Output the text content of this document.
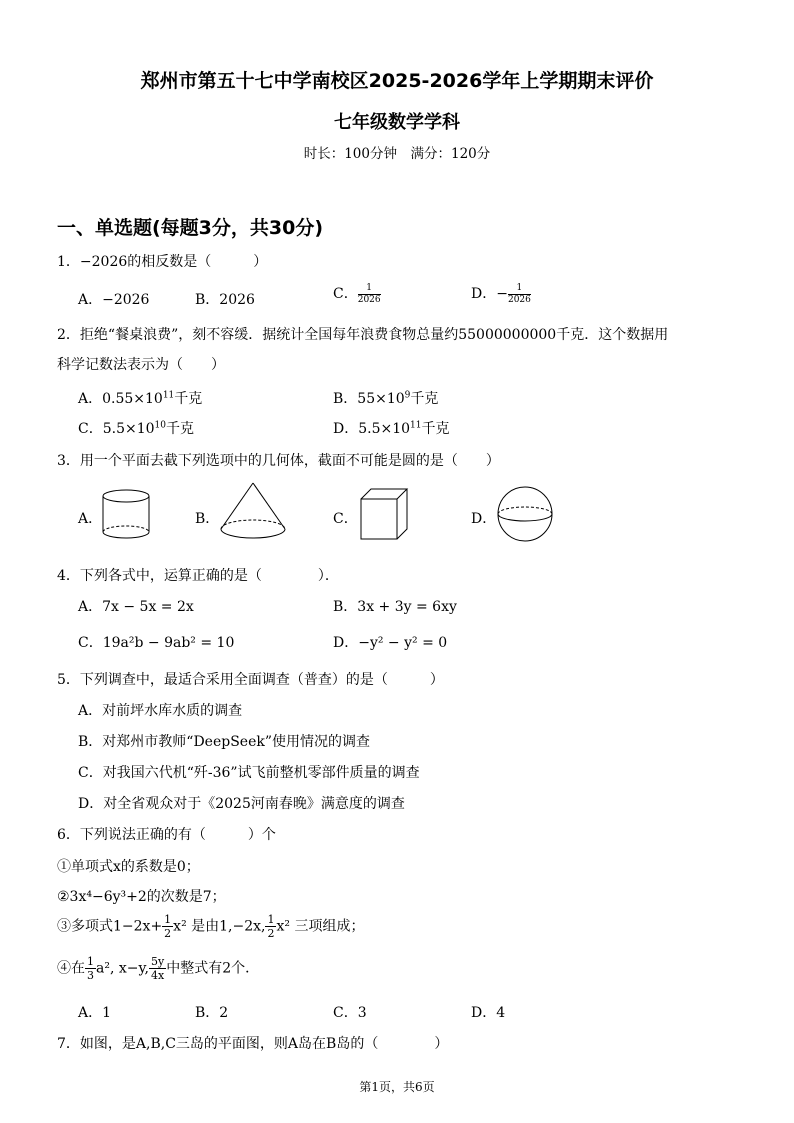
郑州市第五十七中学南校区2025-2026学年上学期期末评价
七年级数学学科
时长：100分钟　满分：120分
一、单选题(每题3分，共30分)
1．−2026的相反数是（　　　）
A．−2026	B．2026	C． $\frac{1}{2026}$	D．− $\frac{1}{2026}$
2．拒绝“餐桌浪费”，刻不容缓．据统计全国每年浪费食物总量约55000000000千克．这个数据用
科学记数法表示为（　　）
A．$0.55\times 10^{11}$千克	B．$55\times 10^9$千克
C．$5.5\times 10^{10}$千克	D．$5.5\times 10^{11}$千克
3．用一个平面去截下列选项中的几何体，截面不可能是圆的是（　　）
A．	B．	C．	D．
4．下列各式中，运算正确的是（　　　　）．
A．7x − 5x = 2x	B．3x + 3y = 6xy
C．19a²b − 9ab² = 10	D．−y² − y² = 0
5．下列调查中，最适合采用全面调查（普查）的是（　　　）
A．对前坪水库水质的调查
B．对郑州市教师“DeepSeek”使用情况的调查
C．对我国六代机“歼-36”试飞前整机零部件质量的调查
D．对全省观众对于《2025河南春晚》满意度的调查
6．下列说法正确的有（　　　）个
①单项式x的系数是0；
②3x⁴−6y³+2的次数是7；
③多项式$1-2x+ \frac{1}{2} x^2$ 是由1,−2x, $\frac{1}{2} x^2$ 三项组成；
④在 $\frac{1}{3} a^2$, x−y, $\frac{5y}{4x}$ 中整式有2个．
A．1	B．2	C．3	D．4
7．如图，是A,B,C三岛的平面图，则A岛在B岛的（　　　　）
第1页，共6页
